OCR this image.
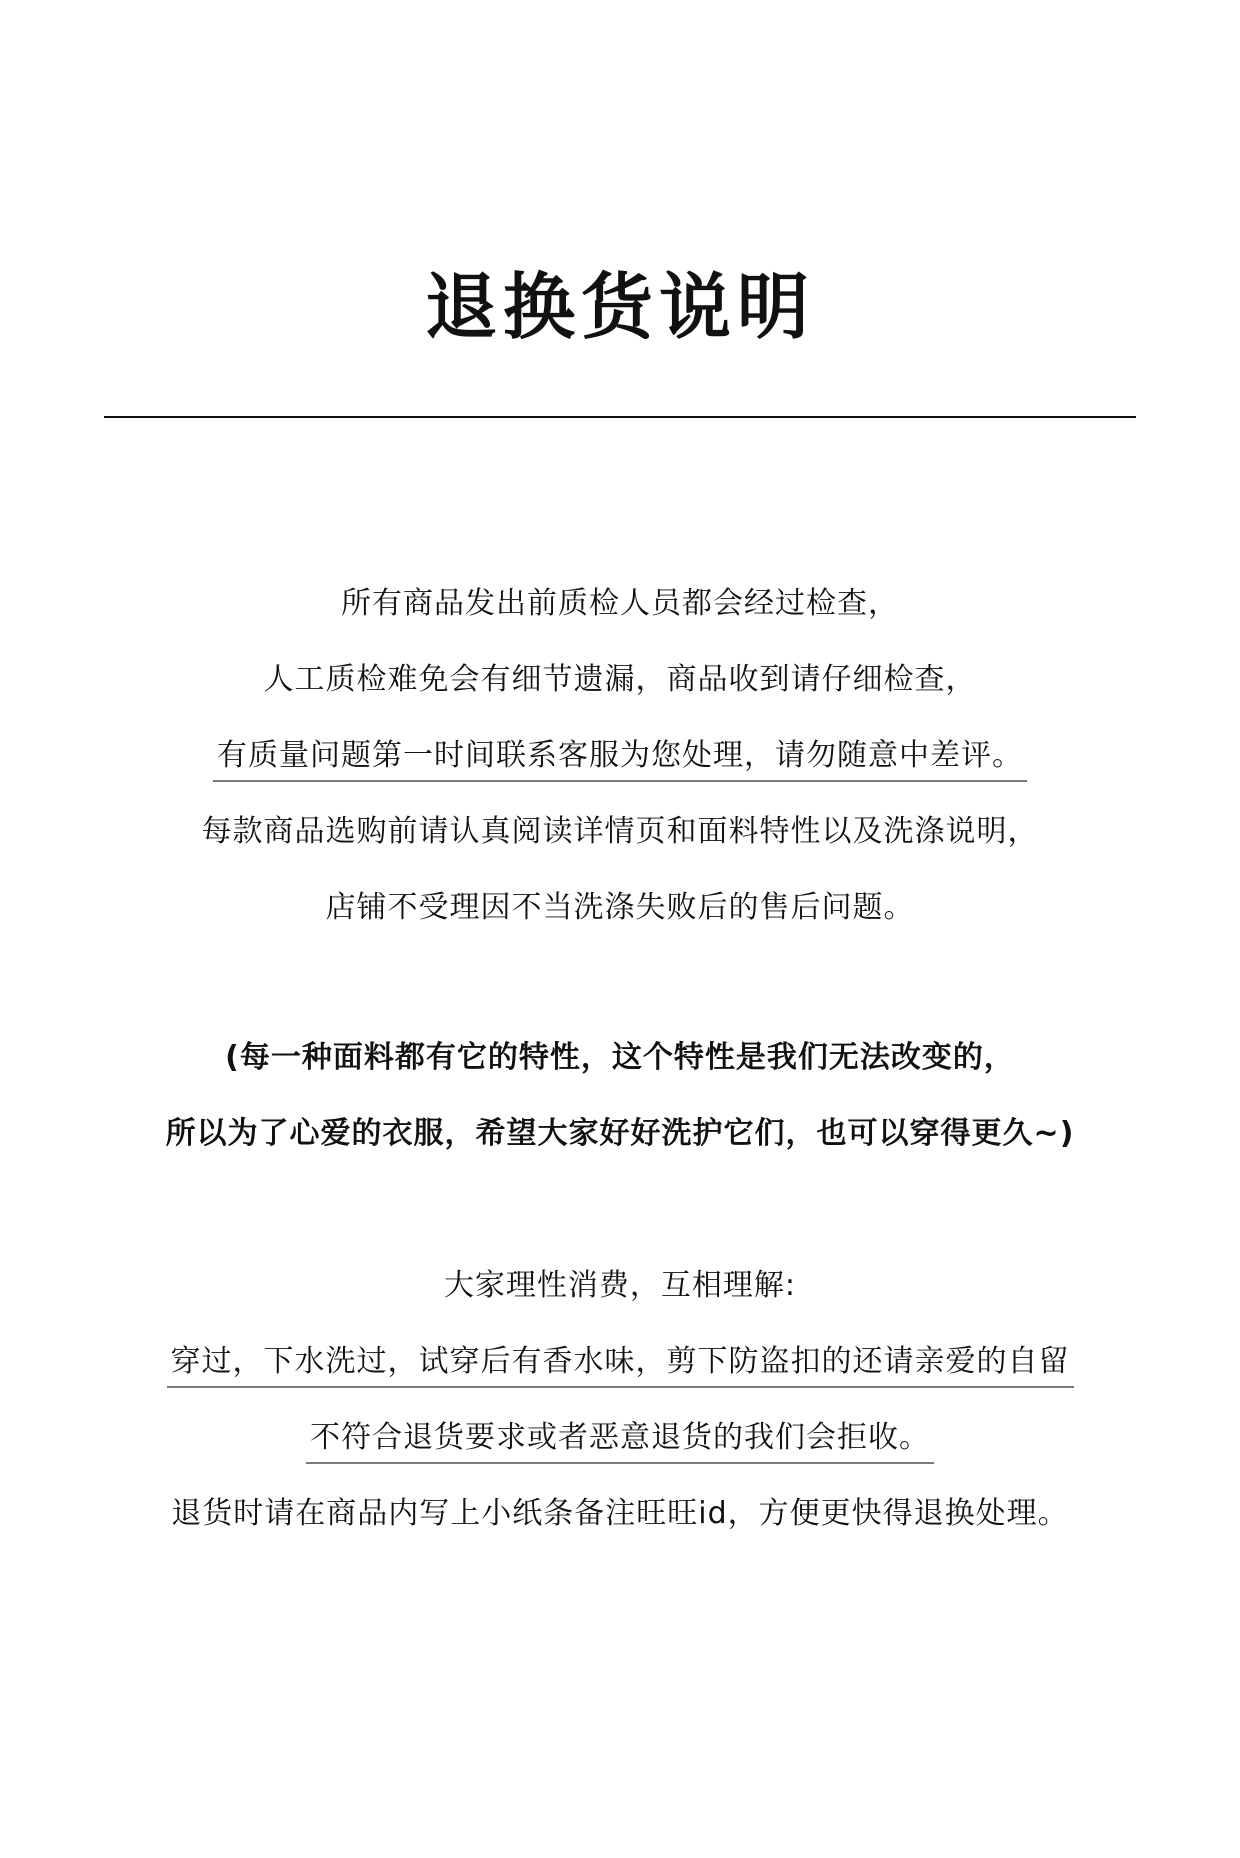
退换货说明
所有商品发出前质检人员都会经过检查，
人工质检难免会有细节遗漏，商品收到请仔细检查，
有质量问题第一时间联系客服为您处理，请勿随意中差评。
每款商品选购前请认真阅读详情页和面料特性以及洗涤说明，
店铺不受理因不当洗涤失败后的售后问题。
(每一种面料都有它的特性，这个特性是我们无法改变的，
所以为了心爱的衣服，希望大家好好洗护它们，也可以穿得更久~)
大家理性消费，互相理解:
穿过，下水洗过，试穿后有香水味，剪下防盗扣的还请亲爱的自留
不符合退货要求或者恶意退货的我们会拒收。
退货时请在商品内写上小纸条备注旺旺id，方便更快得退换处理。
